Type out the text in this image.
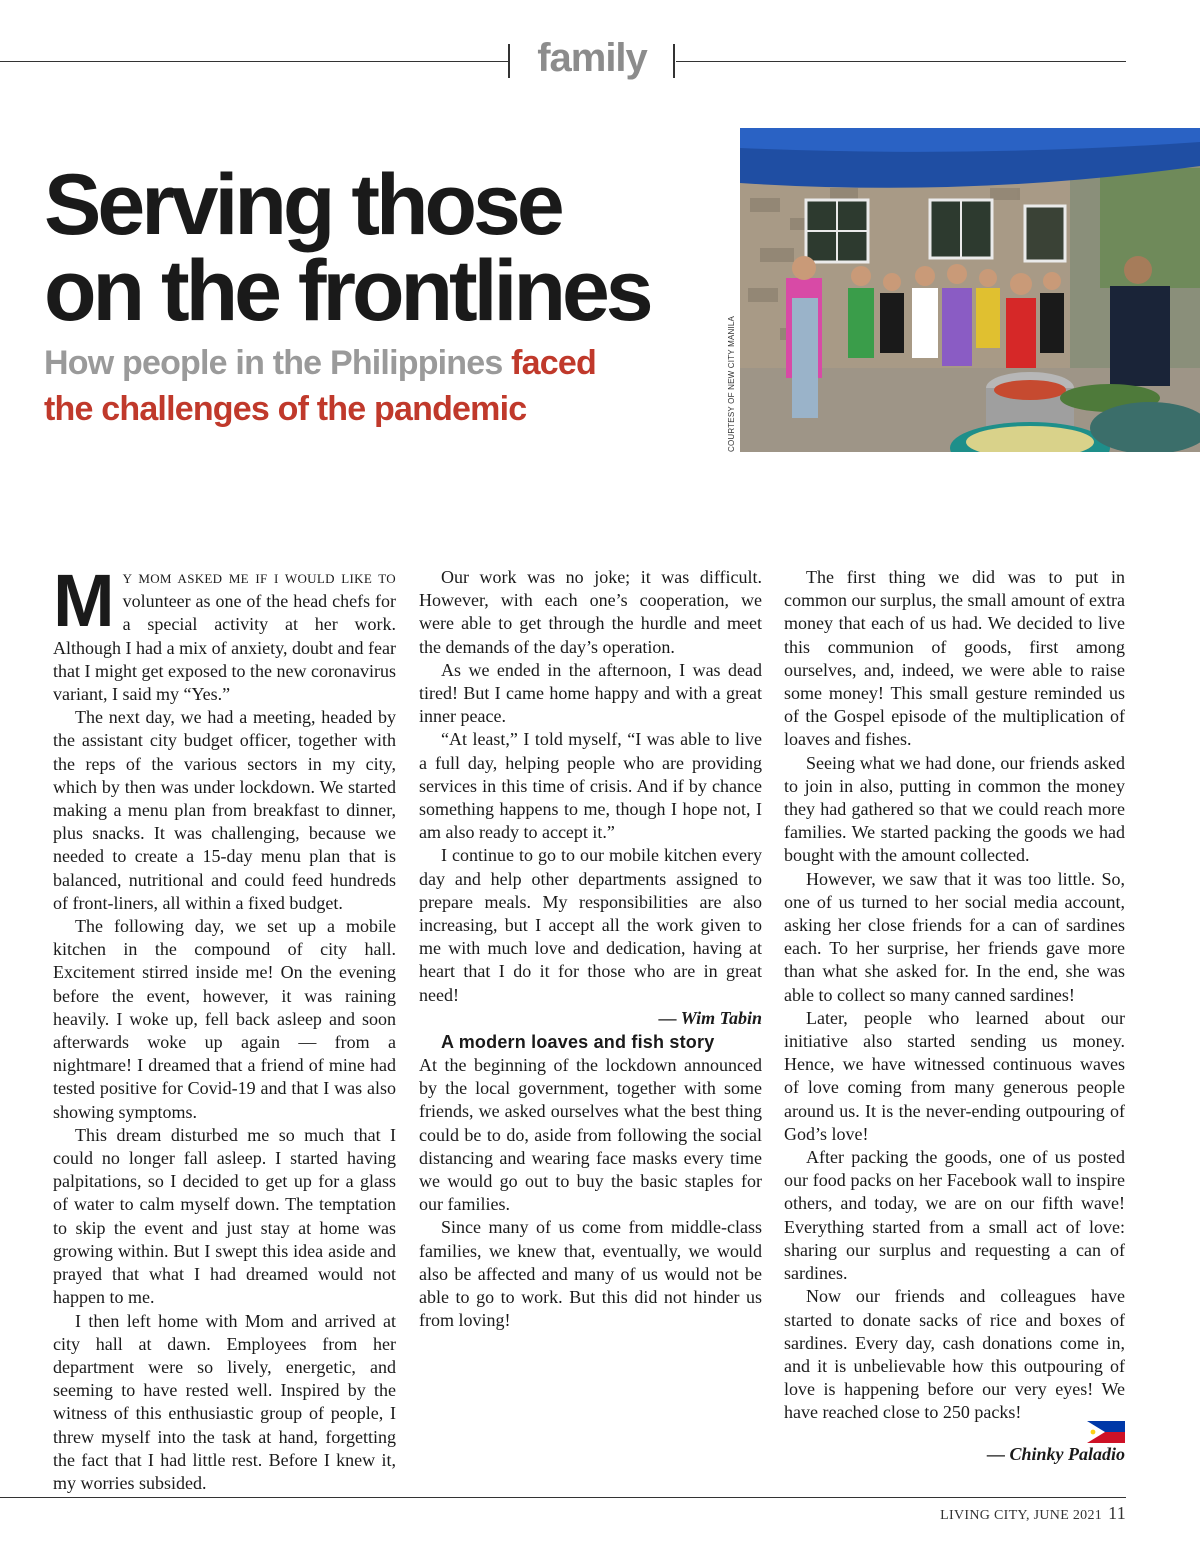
family
Serving those
on the frontlines
How people in the Philippines faced
the challenges of the pandemic	COURTESY OF NEW CITY MANILA

M Y MOM ASKED ME IF I WOULD LIKE TO volunteer as one of the head chefs for a special activity at her work. Although I had a mix of anxiety, doubt and fear that I might get exposed to the new coronavirus variant, I said my “Yes.”

The next day, we had a meeting, headed by the assistant city budget officer, together with the reps of the various sectors in my city, which by then was under lockdown. We started making a menu plan from breakfast to dinner, plus snacks. It was challenging, because we needed to create a 15-day menu plan that is balanced, nutritional and could feed hundreds of front-liners, all within a fixed budget.

The following day, we set up a mobile kitchen in the compound of city hall. Excitement stirred inside me! On the evening before the event, however, it was raining heavily. I woke up, fell back asleep and soon afterwards woke up again — from a nightmare! I dreamed that a friend of mine had tested positive for Covid-19 and that I was also showing symptoms.

This dream disturbed me so much that I could no longer fall asleep. I started having palpitations, so I decided to get up for a glass of water to calm myself down. The temptation to skip the event and just stay at home was growing within. But I swept this idea aside and prayed that what I had dreamed would not happen to me.

I then left home with Mom and arrived at city hall at dawn. Employees from her department were so lively, energetic, and seeming to have rested well. Inspired by the witness of this enthusiastic group of people, I threw myself into the task at hand, forgetting the fact that I had little rest. Before I knew it, my worries subsided.

Our work was no joke; it was difficult. However, with each one’s cooperation, we were able to get through the hurdle and meet the demands of the day’s operation.

As we ended in the afternoon, I was dead tired! But I came home happy and with a great inner peace.

“At least,” I told myself, “I was able to live a full day, helping people who are providing services in this time of crisis. And if by chance something happens to me, though I hope not, I am also ready to accept it.”

I continue to go to our mobile kitchen every day and help other departments assigned to prepare meals. My responsibilities are also increasing, but I accept all the work given to me with much love and dedication, having at heart that I do it for those who are in great need!

— Wim Tabin

A modern loaves and fish story

At the beginning of the lockdown announced by the local government, together with some friends, we asked ourselves what the best thing could be to do, aside from following the social distancing and wearing face masks every time we would go out to buy the basic staples for our families.

Since many of us come from middle-class families, we knew that, eventually, we would also be affected and many of us would not be able to go to work. But this did not hinder us from loving!

The first thing we did was to put in common our surplus, the small amount of extra money that each of us had. We decided to live this communion of goods, first among ourselves, and, indeed, we were able to raise some money! This small gesture reminded us of the Gospel episode of the multiplication of loaves and fishes.

Seeing what we had done, our friends asked to join in also, putting in common the money they had gathered so that we could reach more families. We started packing the goods we had bought with the amount collected.

However, we saw that it was too little. So, one of us turned to her social media account, asking her close friends for a can of sardines each. To her surprise, her friends gave more than what she asked for. In the end, she was able to collect so many canned sardines!

Later, people who learned about our initiative also started sending us money. Hence, we have witnessed continuous waves of love coming from many generous people around us. It is the never-ending outpouring of God’s love!

After packing the goods, one of us posted our food packs on her Facebook wall to inspire others, and today, we are on our fifth wave! Everything started from a small act of love: sharing our surplus and requesting a can of sardines.

Now our friends and colleagues have started to donate sacks of rice and boxes of sardines. Every day, cash donations come in, and it is unbelievable how this outpouring of love is happening before our very eyes! We have reached close to 250 packs!

— Chinky Paladio

LIVING CITY, JUNE 2021 11
